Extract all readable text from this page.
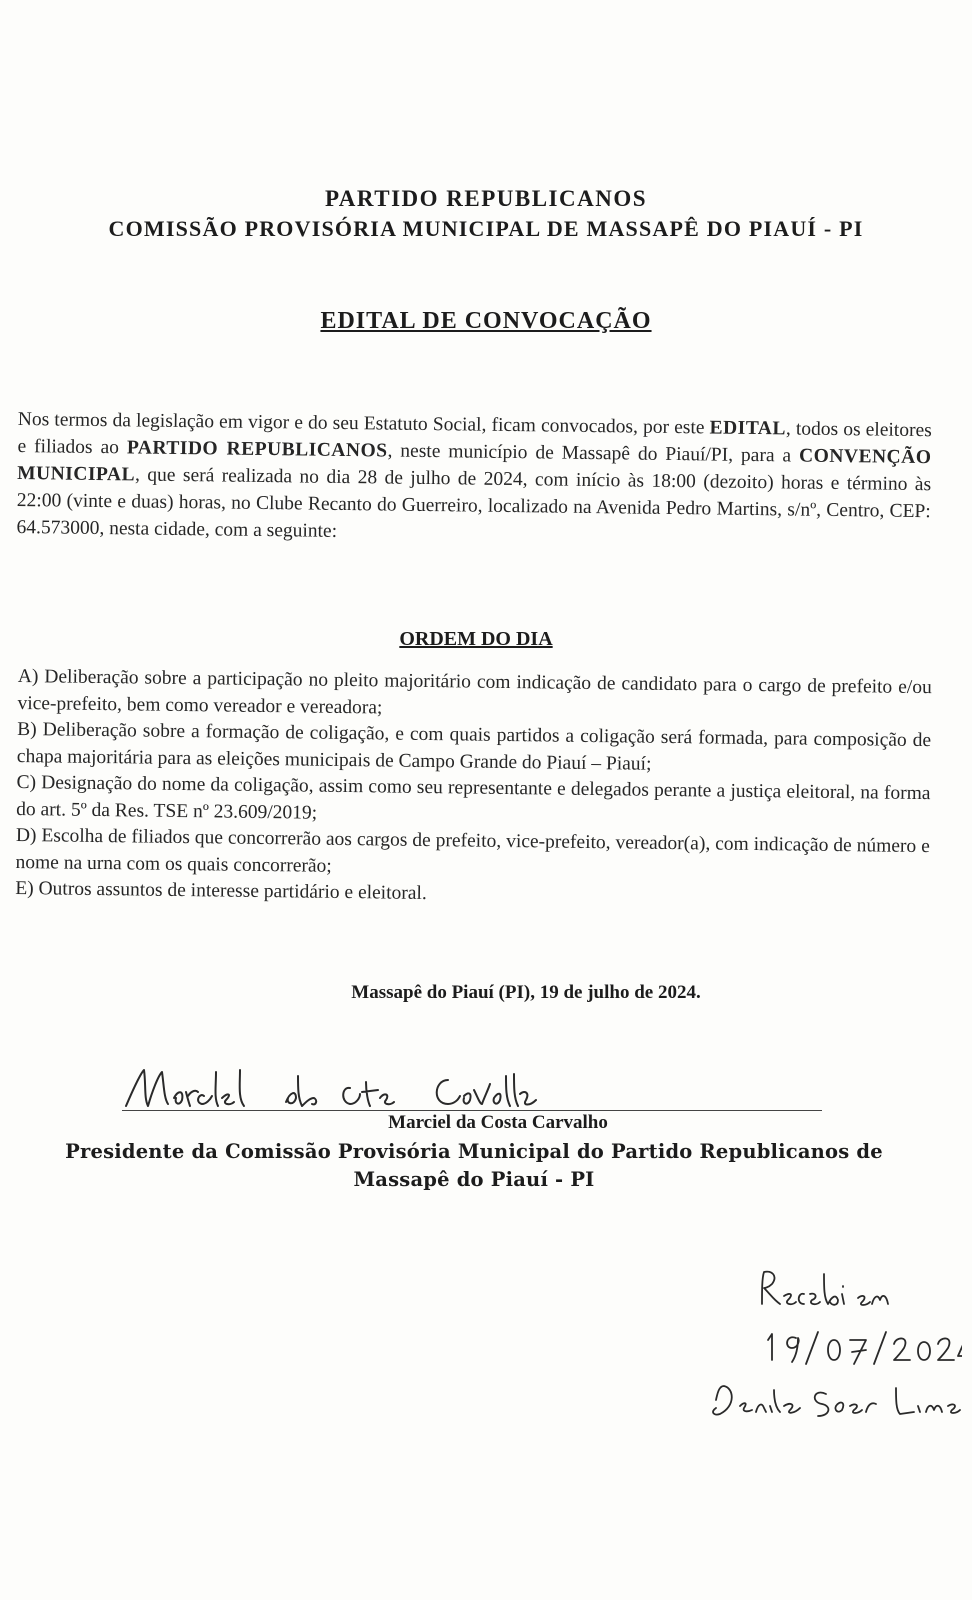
PARTIDO REPUBLICANOS
COMISSÃO PROVISÓRIA MUNICIPAL DE MASSAPÊ DO PIAUÍ - PI
EDITAL DE CONVOCAÇÃO
Nos termos da legislação em vigor e do seu Estatuto Social, ficam convocados, por este EDITAL, todos os eleitores e filiados ao PARTIDO REPUBLICANOS, neste município de Massapê do Piauí/PI, para a CONVENÇÃO MUNICIPAL, que será realizada no dia 28 de julho de 2024, com início às 18:00 (dezoito) horas e término às 22:00 (vinte e duas) horas, no Clube Recanto do Guerreiro, localizado na Avenida Pedro Martins, s/nº, Centro, CEP: 64.573000, nesta cidade, com a seguinte:
ORDEM DO DIA

A) Deliberação sobre a participação no pleito majoritário com indicação de candidato para o cargo de prefeito e/ou vice-prefeito, bem como vereador e vereadora;

B) Deliberação sobre a formação de coligação, e com quais partidos a coligação será formada, para composição de chapa majoritária para as eleições municipais de Campo Grande do Piauí – Piauí;

C) Designação do nome da coligação, assim como seu representante e delegados perante a justiça eleitoral, na forma do art. 5º da Res. TSE nº 23.609/2019;

D) Escolha de filiados que concorrerão aos cargos de prefeito, vice-prefeito, vereador(a), com indicação de número e nome na urna com os quais concorrerão;

E) Outros assuntos de interesse partidário e eleitoral.

Massapê do Piauí (PI), 19 de julho de 2024.
Marciel da Costa Carvalho
Presidente da Comissão Provisória Municipal do Partido Republicanos de Massapê do Piauí - PI
